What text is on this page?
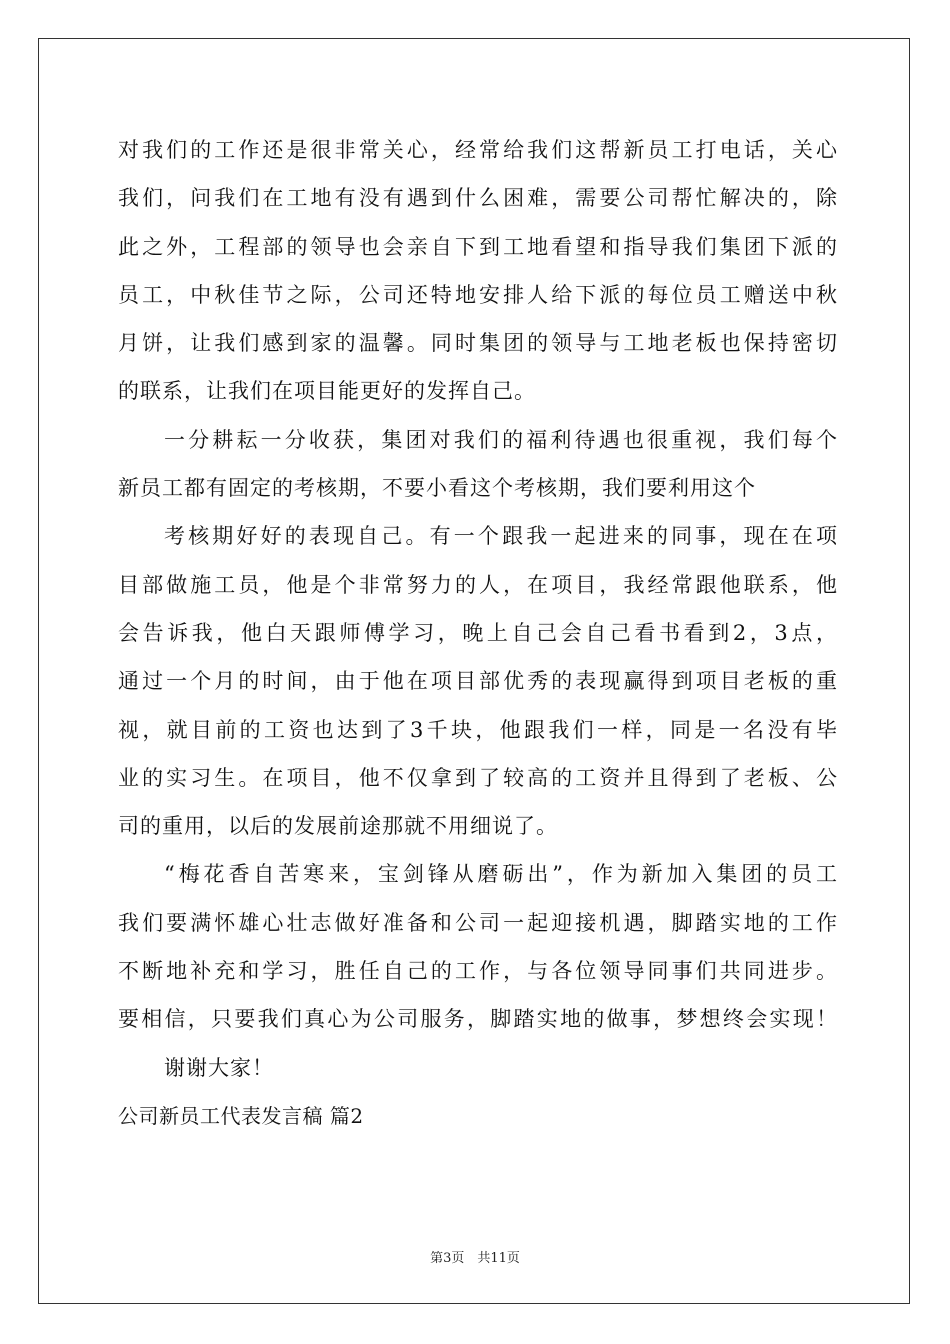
对我们的工作还是很非常关心，经常给我们这帮新员工打电话，关心
我们，问我们在工地有没有遇到什么困难，需要公司帮忙解决的，除
此之外，工程部的领导也会亲自下到工地看望和指导我们集团下派的
员工，中秋佳节之际，公司还特地安排人给下派的每位员工赠送中秋
月饼，让我们感到家的温馨。同时集团的领导与工地老板也保持密切
的联系，让我们在项目能更好的发挥自己。
一分耕耘一分收获，集团对我们的福利待遇也很重视，我们每个
新员工都有固定的考核期，不要小看这个考核期，我们要利用这个
考核期好好的表现自己。有一个跟我一起进来的同事，现在在项
目部做施工员，他是个非常努力的人，在项目，我经常跟他联系，他
会告诉我，他白天跟师傅学习，晚上自己会自己看书看到2，3点，
通过一个月的时间，由于他在项目部优秀的表现赢得到项目老板的重
视，就目前的工资也达到了3千块，他跟我们一样，同是一名没有毕
业的实习生。在项目，他不仅拿到了较高的工资并且得到了老板、公
司的重用，以后的发展前途那就不用细说了。
“梅花香自苦寒来，宝剑锋从磨砺出”，作为新加入集团的员工
我们要满怀雄心壮志做好准备和公司一起迎接机遇，脚踏实地的工作
不断地补充和学习，胜任自己的工作，与各位领导同事们共同进步。
要相信，只要我们真心为公司服务，脚踏实地的做事，梦想终会实现！
谢谢大家！
公司新员工代表发言稿 篇2
第3页　共11页
